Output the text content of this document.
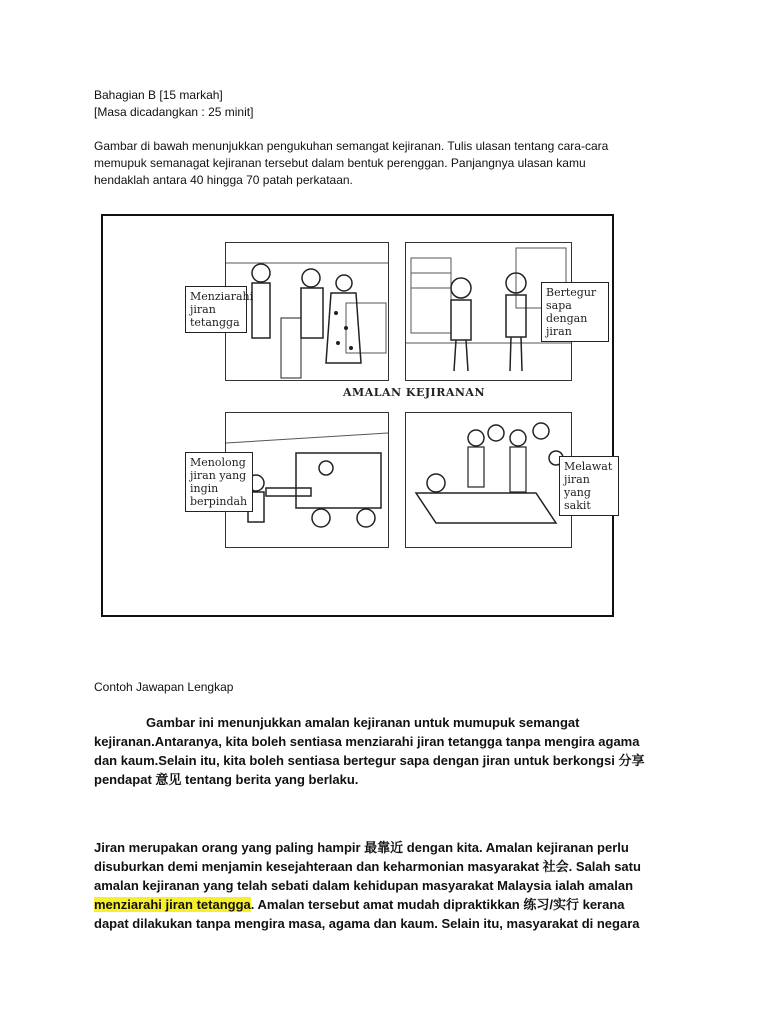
Bahagian B [15 markah]
[Masa dicadangkan : 25 minit]
Gambar di bawah menunjukkan pengukuhan semangat kejiranan. Tulis ulasan tentang cara-cara
memupuk semanagat kejiranan tersebut dalam bentuk perenggan. Panjangnya ulasan kamu
hendaklah antara 40 hingga 70 patah perkataan.
Menziarahi jiran tetangga
Bertegur sapa dengan jiran
AMALAN KEJIRANAN
Menolong jiran yang ingin berpindah
Melawat jiran yang sakit
Contoh Jawapan Lengkap
Gambar ini menunjukkan amalan kejiranan untuk mumupuk semangat
kejiranan.Antaranya, kita boleh sentiasa menziarahi jiran tetangga tanpa mengira agama
dan kaum.Selain itu, kita boleh sentiasa bertegur sapa dengan jiran untuk berkongsi 分享
pendapat 意见 tentang berita yang berlaku.
Jiran merupakan orang yang paling hampir 最靠近 dengan kita. Amalan kejiranan perlu
disuburkan demi menjamin kesejahteraan dan keharmonian masyarakat 社会. Salah satu
amalan kejiranan yang telah sebati dalam kehidupan masyarakat Malaysia ialah amalan
menziarahi jiran tetangga. Amalan tersebut amat mudah dipraktikkan 练习/实行 kerana
dapat dilakukan tanpa mengira masa, agama dan kaum. Selain itu, masyarakat di negara
